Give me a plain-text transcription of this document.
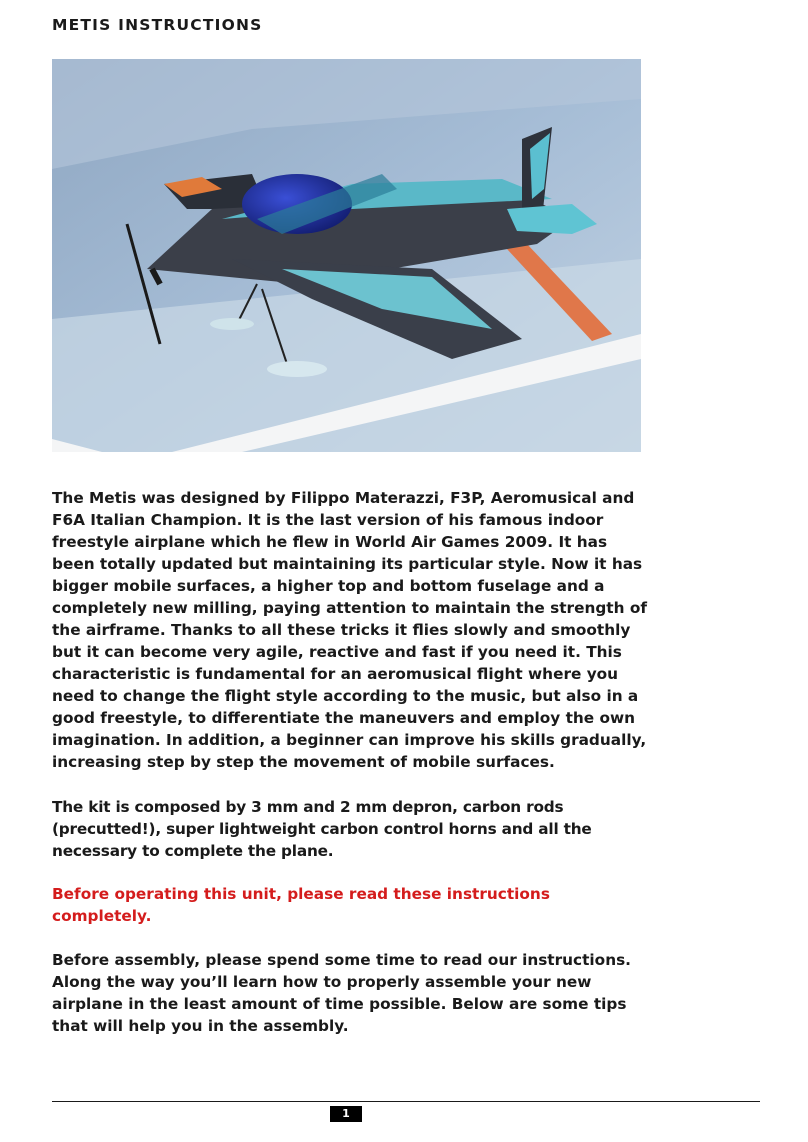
METIS INSTRUCTIONS

The Metis was designed by Filippo Materazzi, F3P, Aeromusical and F6A Italian Champion. It is the last version of his famous indoor freestyle airplane which he flew in World Air Games 2009. It has been totally updated but maintaining its particular style. Now it has bigger mobile surfaces, a higher top and bottom fuselage and a completely new milling, paying attention to maintain the strength of the airframe. Thanks to all these tricks it flies slowly and smoothly but it can become very agile, reactive and fast if you need it. This characteristic is fundamental for an aeromusical flight where you need to change the flight style according to the music, but also in a good freestyle, to differentiate the maneuvers and employ the own imagination. In addition, a beginner can improve his skills gradually, increasing step by step the movement of mobile surfaces.

The kit is composed by 3 mm and 2 mm depron, carbon rods (precutted!), super lightweight carbon control horns and all the necessary to complete the plane.

Before operating this unit, please read these instructions completely.

Before assembly, please spend some time to read our instructions. Along the way you’ll learn how to properly assemble your new airplane in the least amount of time possible. Below are some tips that will help you in the assembly.

1
